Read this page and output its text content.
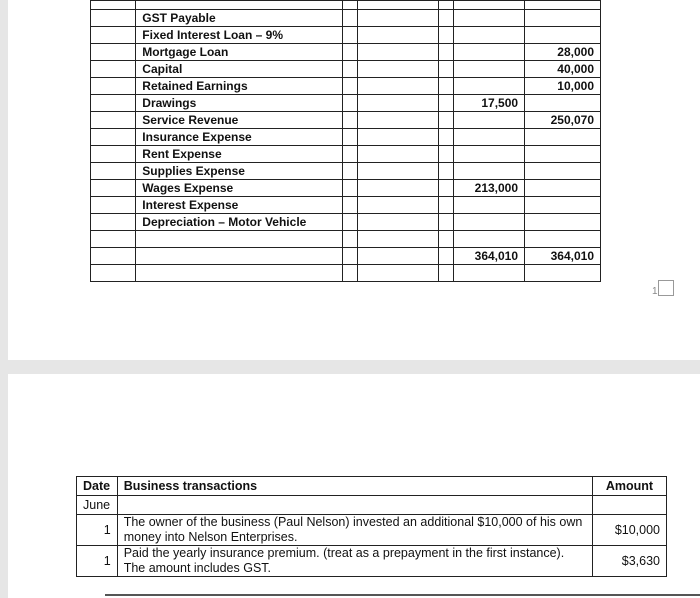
	GST Payable					
	Fixed Interest Loan – 9%					
	Mortgage Loan					28,000
	Capital					40,000
	Retained Earnings					10,000
	Drawings				17,500	
	Service Revenue					250,070
	Insurance Expense					
	Rent Expense					
	Supplies Expense					
	Wages Expense				213,000	
	Interest Expense					
	Depreciation – Motor Vehicle					

					364,010	364,010

1
Date	Business transactions	Amount
June		
1	The owner of the business (Paul Nelson) invested an additional $10,000 of his own money into Nelson Enterprises.	$10,000
1	Paid the yearly insurance premium. (treat as a prepayment in the first instance). The amount includes GST.	$3,630
